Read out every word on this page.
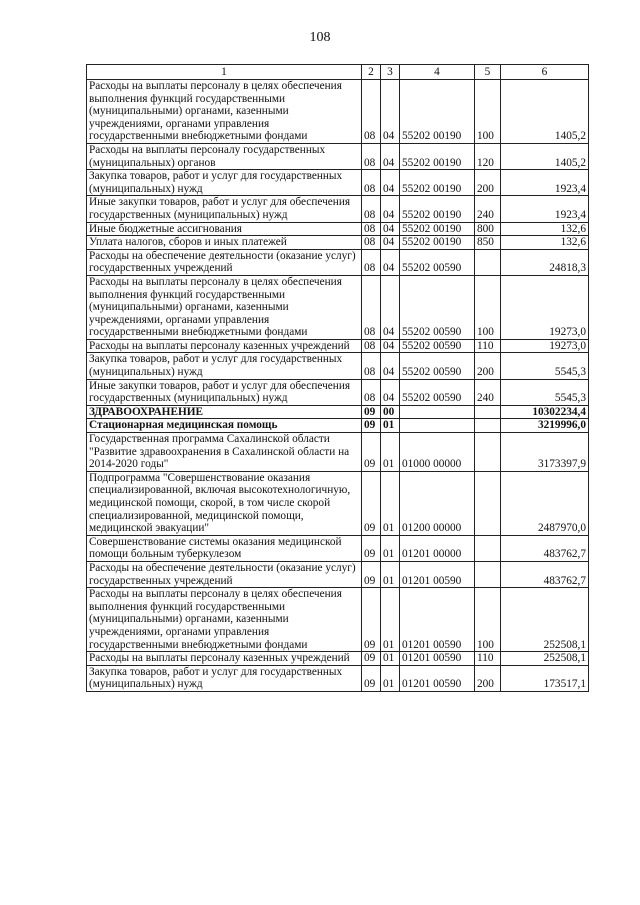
108
1	2	3	4	5	6
Расходы на выплаты персоналу в целях обеспечения выполнения функций государственными (муниципальными) органами, казенными учреждениями, органами управления государственными внебюджетными фондами	08	04	55202 00190	100	1405,2
Расходы на выплаты персоналу государственных (муниципальных) органов	08	04	55202 00190	120	1405,2
Закупка товаров, работ и услуг для государственных (муниципальных) нужд	08	04	55202 00190	200	1923,4
Иные закупки товаров, работ и услуг для обеспечения государственных (муниципальных) нужд	08	04	55202 00190	240	1923,4
Иные бюджетные ассигнования	08	04	55202 00190	800	132,6
Уплата налогов, сборов и иных платежей	08	04	55202 00190	850	132,6
Расходы на обеспечение деятельности (оказание услуг) государственных учреждений	08	04	55202 00590		24818,3
Расходы на выплаты персоналу в целях обеспечения выполнения функций государственными (муниципальными) органами, казенными учреждениями, органами управления государственными внебюджетными фондами	08	04	55202 00590	100	19273,0
Расходы на выплаты персоналу казенных учреждений	08	04	55202 00590	110	19273,0
Закупка товаров, работ и услуг для государственных (муниципальных) нужд	08	04	55202 00590	200	5545,3
Иные закупки товаров, работ и услуг для обеспечения государственных (муниципальных) нужд	08	04	55202 00590	240	5545,3
ЗДРАВООХРАНЕНИЕ	09	00			10302234,4
Стационарная медицинская помощь	09	01			3219996,0
Государственная программа Сахалинской области "Развитие здравоохранения в Сахалинской области на 2014-2020 годы"	09	01	01000 00000		3173397,9
Подпрограмма "Совершенствование оказания специализированной, включая высокотехнологичную, медицинской помощи, скорой, в том числе скорой специализированной, медицинской помощи, медицинской эвакуации"	09	01	01200 00000		2487970,0
Совершенствование системы оказания медицинской помощи больным туберкулезом	09	01	01201 00000		483762,7
Расходы на обеспечение деятельности (оказание услуг) государственных учреждений	09	01	01201 00590		483762,7
Расходы на выплаты персоналу в целях обеспечения выполнения функций государственными (муниципальными) органами, казенными учреждениями, органами управления государственными внебюджетными фондами	09	01	01201 00590	100	252508,1
Расходы на выплаты персоналу казенных учреждений	09	01	01201 00590	110	252508,1
Закупка товаров, работ и услуг для государственных (муниципальных) нужд	09	01	01201 00590	200	173517,1
